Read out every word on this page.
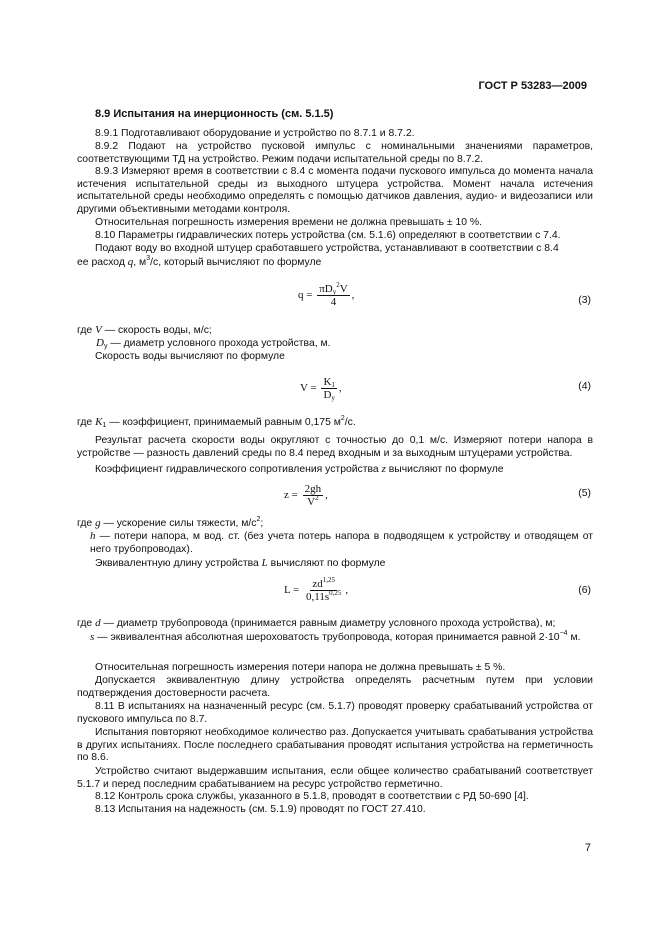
ГОСТ Р 53283—2009
8.9 Испытания на инерционность (см. 5.1.5)
8.9.1 Подготавливают оборудование и устройство по 8.7.1 и 8.7.2.
8.9.2 Подают на устройство пусковой импульс с номинальными значениями параметров, соответствующими ТД на устройство. Режим подачи испытательной среды по 8.7.2.
8.9.3 Измеряют время в соответствии с 8.4 с момента подачи пускового импульса до момента начала истечения испытательной среды из выходного штуцера устройства. Момент начала истечения испытательной среды необходимо определять с помощью датчиков давления, аудио- и видеозаписи или другими объективными методами контроля.
Относительная погрешность измерения времени не должна превышать ± 10 %.
8.10 Параметры гидравлических потерь устройства (см. 5.1.6) определяют в соответствии с 7.4.
Подают воду во входной штуцер сработавшего устройства, устанавливают в соответствии с 8.4
ее расход q, $м^3/с$, который вычисляют по формуле
$q = \frac{\pi D_у^2V}{4}$ ,	(3)
где V — скорость воды, м/с;
$D_у$ — диаметр условного прохода устройства, м.
Скорость воды вычисляют по формуле
$V = \frac{K_1}{D_у}$ ,	(4)
где $K_1$ — коэффициент, принимаемый равным 0,175 $м^2/с$.
Результат расчета скорости воды округляют с точностью до 0,1 м/с. Измеряют потери напора в устройстве — разность давлений среды по 8.4 перед входным и за выходным штуцерами устройства.
Коэффициент гидравлического сопротивления устройства z вычисляют по формуле
$z = \frac{2gh}{V^2}$ ,	(5)
где g — ускорение силы тяжести, $м/с^2$;
h — потери напора, м вод. ст. (без учета потерь напора в подводящем к устройству и отводящем от него трубопроводах).
Эквивалентную длину устройства L вычисляют по формуле
$L = \frac{zd^{1,25}}{0,11s^{0,25}}$ ,	(6)
где d — диаметр трубопровода (принимается равным диаметру условного прохода устройства), м;
s — эквивалентная абсолютная шероховатость трубопровода, которая принимается равной $2\cdot 10^{-4}$ м.
Относительная погрешность измерения потери напора не должна превышать ± 5 %.
Допускается эквивалентную длину устройства определять расчетным путем при условии подтверждения достоверности расчета.
8.11 В испытаниях на назначенный ресурс (см. 5.1.7) проводят проверку срабатываний устройства от пускового импульса по 8.7.
Испытания повторяют необходимое количество раз. Допускается учитывать срабатывания устройства в других испытаниях. После последнего срабатывания проводят испытания устройства на герметичность по 8.6.
Устройство считают выдержавшим испытания, если общее количество срабатываний соответствует 5.1.7 и перед последним срабатыванием на ресурс устройство герметично.
8.12 Контроль срока службы, указанного в 5.1.8, проводят в соответствии с РД 50-690 [4].
8.13 Испытания на надежность (см. 5.1.9) проводят по ГОСТ 27.410.
7
